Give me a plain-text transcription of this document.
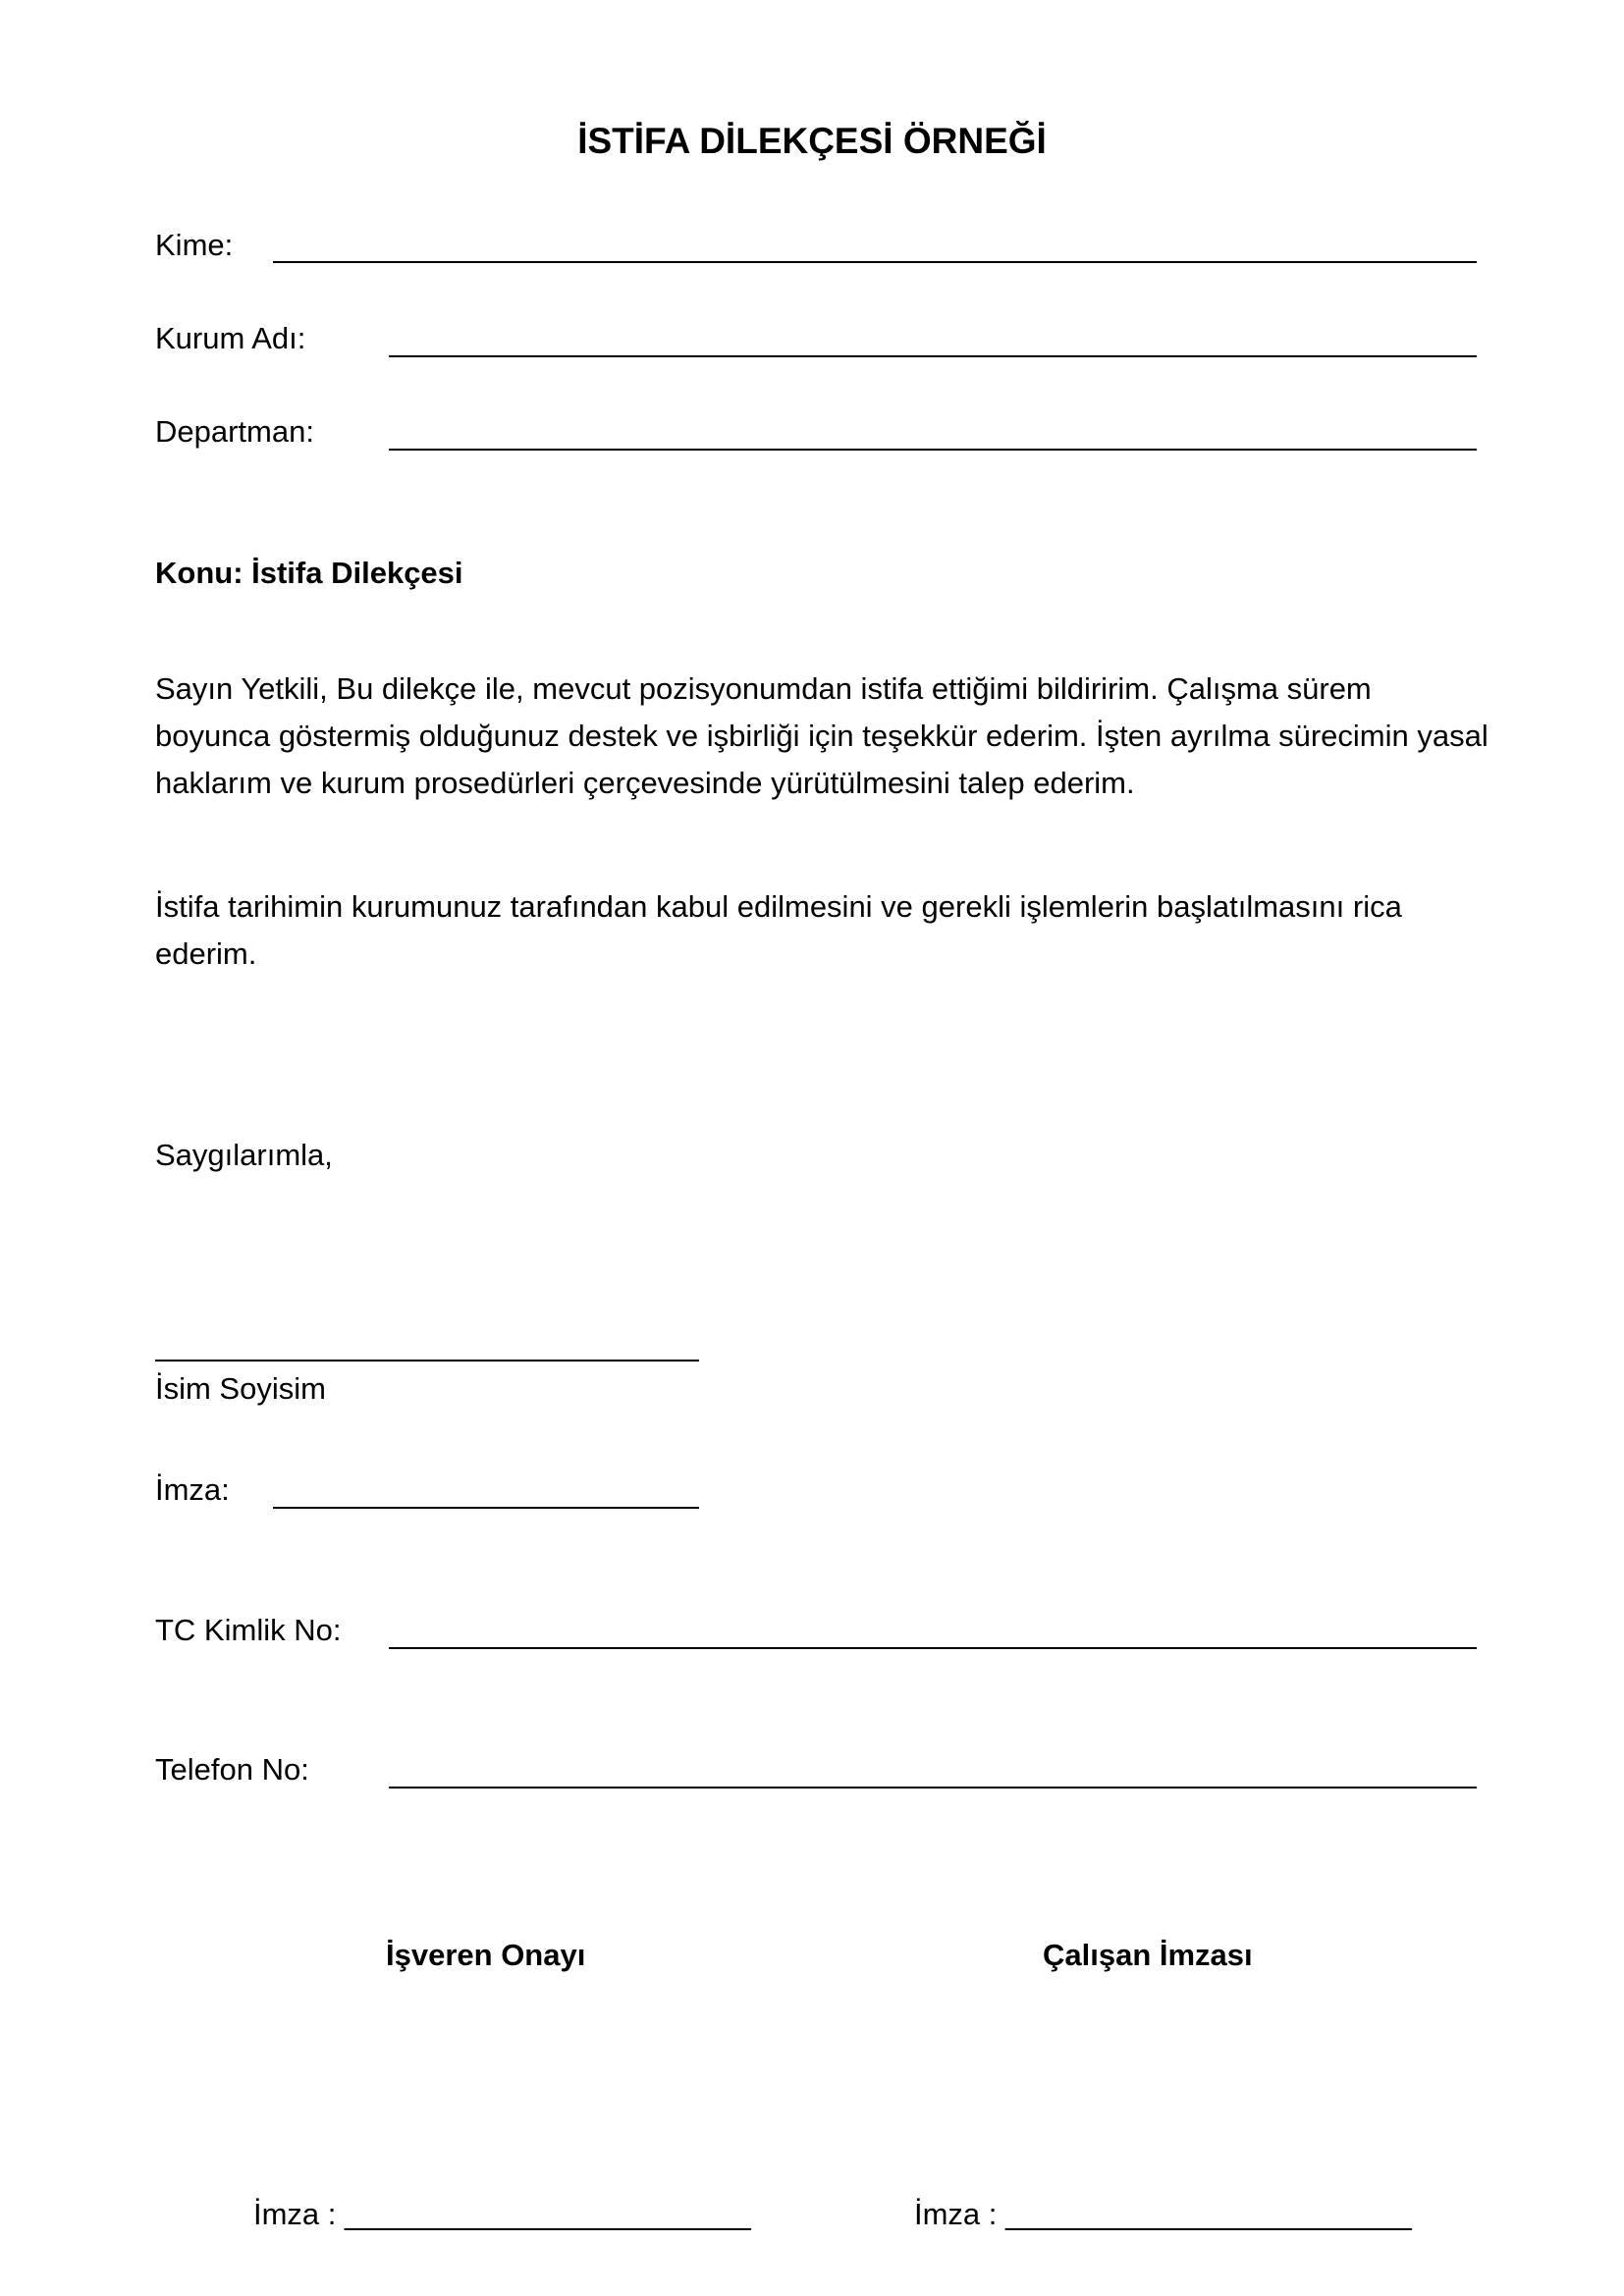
İSTİFA DİLEKÇESİ ÖRNEĞİ
Kime:
Kurum Adı:
Departman:
Konu: İstifa Dilekçesi
Sayın Yetkili, Bu dilekçe ile, mevcut pozisyonumdan istifa ettiğimi bildiririm. Çalışma sürem
boyunca göstermiş olduğunuz destek ve işbirliği için teşekkür ederim. İşten ayrılma sürecimin yasal
haklarım ve kurum prosedürleri çerçevesinde yürütülmesini talep ederim.
İstifa tarihimin kurumunuz tarafından kabul edilmesini ve gerekli işlemlerin başlatılmasını rica
ederim.
Saygılarımla,
İsim Soyisim
İmza:
TC Kimlik No:
Telefon No:
İşveren Onayı	Çalışan İmzası
İmza : ________________________	İmza : ________________________
